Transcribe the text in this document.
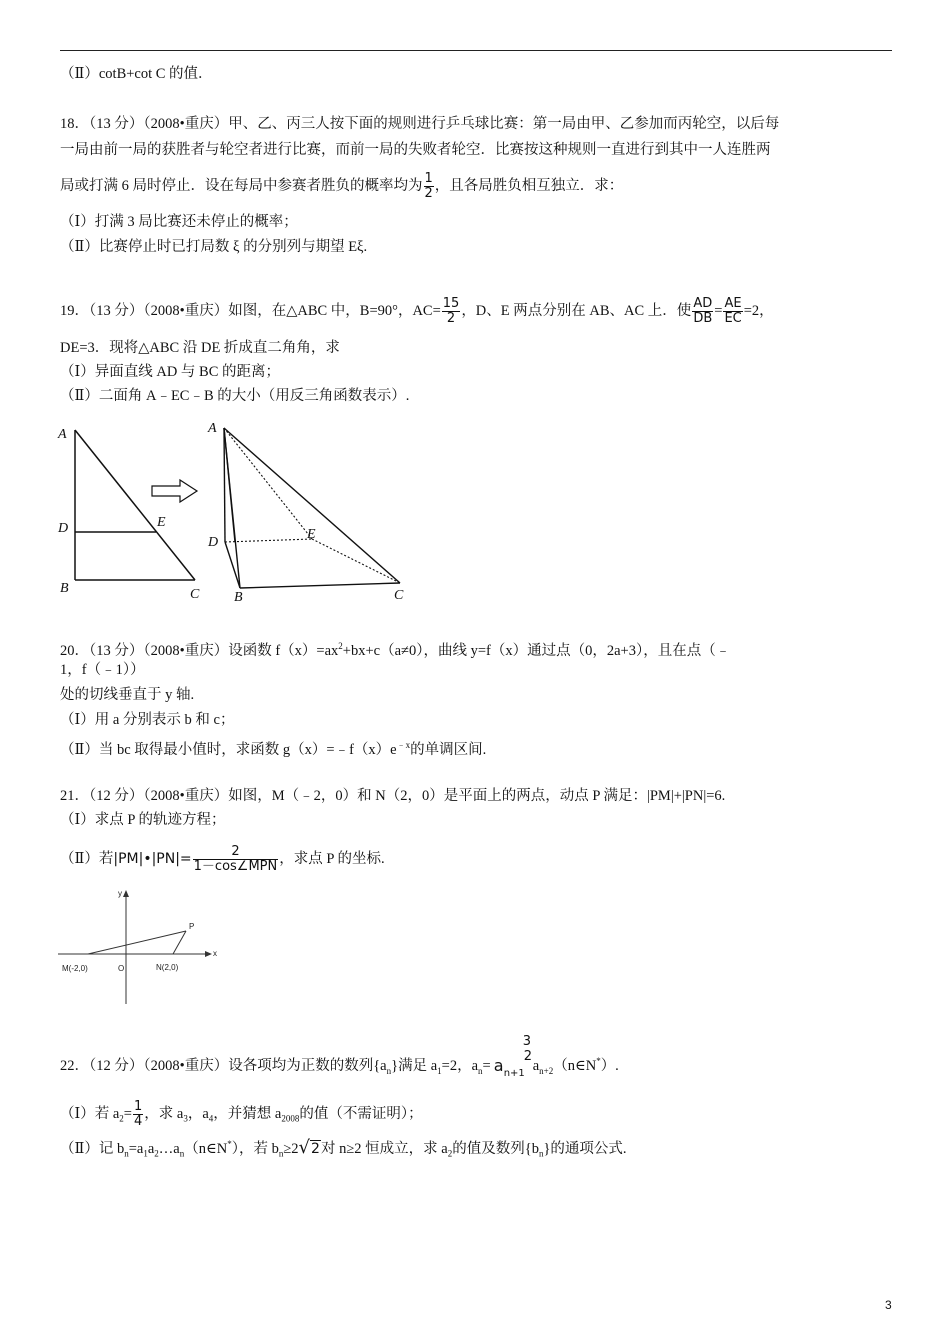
（Ⅱ）cotB+cot C 的值．
18．（13 分）（2008•重庆）甲、乙、丙三人按下面的规则进行乒乓球比赛：第一局由甲、乙参加而丙轮空，以后每
一局由前一局的获胜者与轮空者进行比赛，而前一局的失败者轮空．比赛按这种规则一直进行到其中一人连胜两
局或打满 6 局时停止．设在每局中参赛者胜负的概率均为 $\frac{1}{2}$ ，且各局胜负相互独立．求：
（Ⅰ）打满 3 局比赛还未停止的概率；
（Ⅱ）比赛停止时已打局数 ξ 的分别列与期望 Eξ.
19．（13 分）（2008•重庆）如图，在△ABC 中，B=90°，$AC= \frac{15}{2}$ ，D、E 两点分别在 AB、AC 上．使 $\frac{AD}{DB} = \frac{AE}{EC} =2$，
DE=3．现将△ABC 沿 DE 折成直二角角，求
（Ⅰ）异面直线 AD 与 BC 的距离；
（Ⅱ）二面角 A﹣EC﹣B 的大小（用反三角函数表示）.
A
D	E
B	C
A
D
E
B	C
20．（13 分）（2008•重庆）设函数 $f(x)=ax^2+bx+c(a\ne 0)$，曲线 y=f（x）通过点（0，2a+3），且在点（﹣
1，f（﹣1））
处的切线垂直于 y 轴.
（Ⅰ）用 a 分别表示 b 和 c；
（Ⅱ）当 bc 取得最小值时，求函数 $g(x)=﹣f(x)e^{﹣x}$的单调区间.
21．（12 分）（2008•重庆）如图，M（﹣2，0）和 N（2，0）是平面上的两点，动点 P 满足：|PM|+|PN|=6.
（Ⅰ）求点 P 的轨迹方程；
（Ⅱ）若|PM|•|PN|= $\frac{2}{\text{1－cos∠MPN}}$ ，求点 P 的坐标.
y
x
P
M(-2,0)	O	N(2,0)
22．（12 分）（2008•重庆）设各项均为正数的数列$\{a_n\}$满足 $a_1=2$，$a_n=$
3
a n+1
2
$a_{n+2}(n\in N^*)$.
（Ⅰ）若 $a_2= \frac{1}{4}$ ，求 $a_3$，$a_4$，并猜想 $a_{2008}$的值（不需证明）；
（Ⅱ）记 $b_n=a_1a_2\dots a_n(n\in N^*)$，若 $b_n\ge 2√2$对 n≥2 恒成立，求 $a_2$的值及数列$\{b_n\}$的通项公式.
3
